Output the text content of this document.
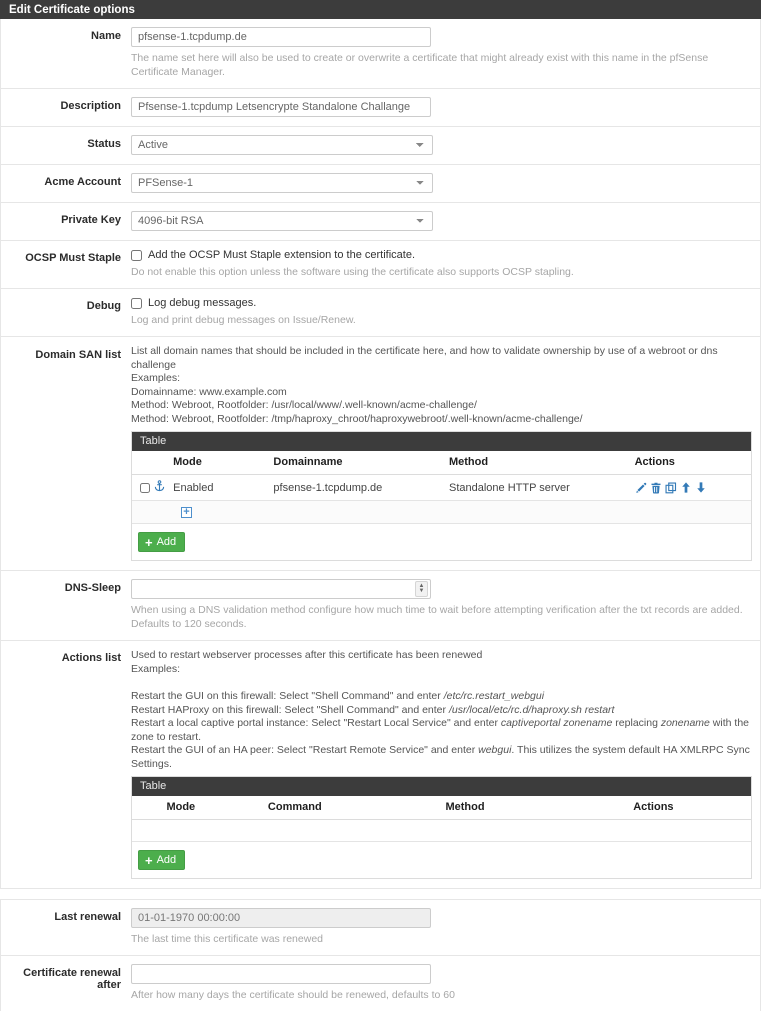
Edit Certificate options
Name
pfsense-1.tcpdump.de
The name set here will also be used to create or overwrite a certificate that might already exist with this name in the pfSense Certificate Manager.
Description
Pfsense-1.tcpdump Letsencrypte Standalone Challange
Status
Active
Acme Account
PFSense-1
Private Key
4096-bit RSA
OCSP Must Staple	Add the OCSP Must Staple extension to the certificate.
Do not enable this option unless the software using the certificate also supports OCSP stapling.
Debug	Log debug messages.
Log and print debug messages on Issue/Renew.
Domain SAN list List all domain names that should be included in the certificate here, and how to validate ownership by use of a webroot or dns challenge
Examples:
Domainname: www.example.com
Method: Webroot, Rootfolder: /usr/local/www/.well-known/acme-challenge/
Method: Webroot, Rootfolder: /tmp/haproxy_chroot/haproxywebroot/.well-known/acme-challenge/
Table
	Mode	Domainname	Method	Actions

	Enabled	pfsense-1.tcpdump.de	Standalone HTTP server	

+				

+ Add				
DNS-Sleep	▲
▼
When using a DNS validation method configure how much time to wait before attempting verification after the txt records are added. Defaults to 120 seconds.
Actions list Used to restart webserver processes after this certificate has been renewed
Examples:

Restart the GUI on this firewall: Select "Shell Command" and enter /etc/rc.restart_webgui
Restart HAProxy on this firewall: Select "Shell Command" and enter /usr/local/etc/rc.d/haproxy.sh restart
Restart a local captive portal instance: Select "Restart Local Service" and enter captiveportal zonename replacing zonename with the zone to restart.
Restart the GUI of an HA peer: Select "Restart Remote Service" and enter webgui. This utilizes the system default HA XMLRPC Sync Settings.
Table
	Mode	Command	Method	Actions

+ Add
Last renewal
01-01-1970 00:00:00
The last time this certificate was renewed
Certificate renewal after
After how many days the certificate should be renewed, defaults to 60
